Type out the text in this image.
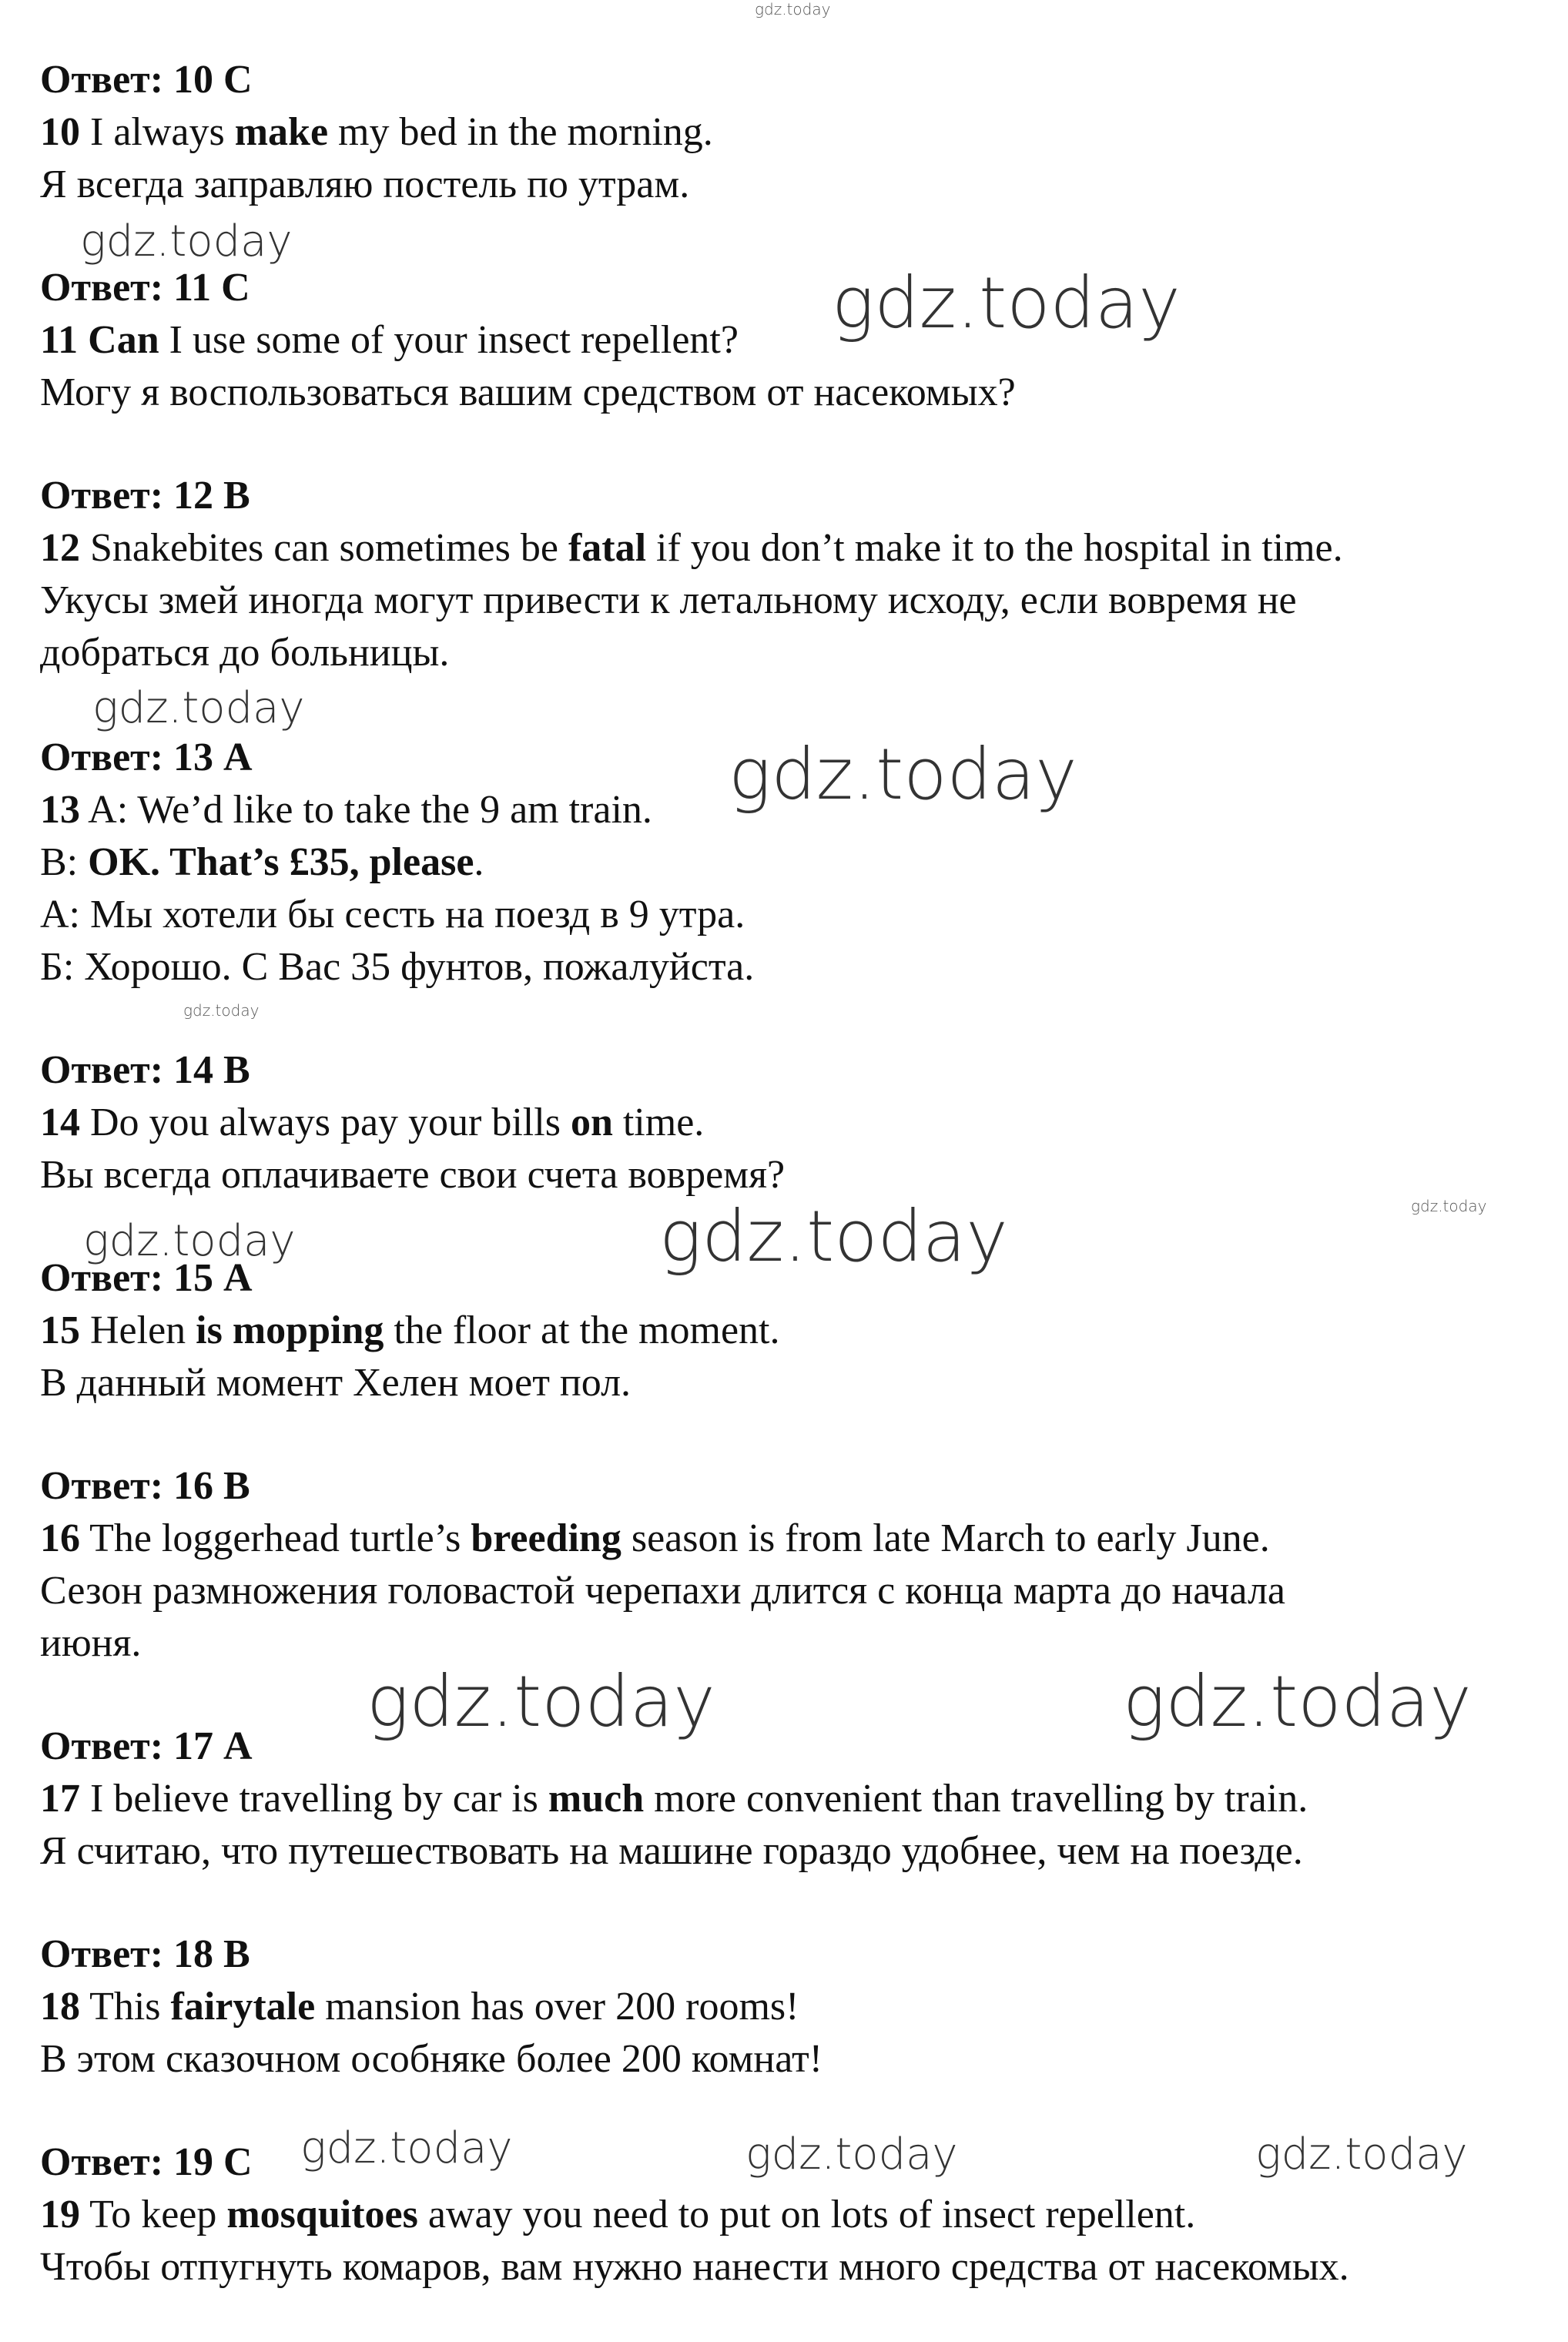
Ответ: 10 C
10 I always make my bed in the morning.
Я всегда заправляю постель по утрам.
Ответ: 11 C
11 Can I use some of your insect repellent?
Могу я воспользоваться вашим средством от насекомых?
Ответ: 12 B
12 Snakebites can sometimes be fatal if you don’t make it to the hospital in time.
Укусы змей иногда могут привести к летальному исходу, если вовремя не
добраться до больницы.
Ответ: 13 A
13 A: We’d like to take the 9 am train.
B: OK. That’s £35, please.
А: Мы хотели бы сесть на поезд в 9 утра.
Б: Хорошо. С Вас 35 фунтов, пожалуйста.
Ответ: 14 B
14 Do you always pay your bills on time.
Вы всегда оплачиваете свои счета вовремя?
Ответ: 15 A
15 Helen is mopping the floor at the moment.
В данный момент Хелен моет пол.
Ответ: 16 B
16 The loggerhead turtle’s breeding season is from late March to early June.
Сезон размножения головастой черепахи длится с конца марта до начала
июня.
Ответ: 17 A
17 I believe travelling by car is much more convenient than travelling by train.
Я считаю, что путешествовать на машине гораздо удобнее, чем на поезде.
Ответ: 18 B
18 This fairytale mansion has over 200 rooms!
В этом сказочном особняке более 200 комнат!
Ответ: 19 C
19 To keep mosquitoes away you need to put on lots of insect repellent.
Чтобы отпугнуть комаров, вам нужно нанести много средства от насекомых.
gdz.today
gdz.today
gdz.today
gdz.today
gdz.today
gdz.today
gdz.today
gdz.today	gdz.today
gdz.today	gdz.today
gdz.today	gdz.today	gdz.today
